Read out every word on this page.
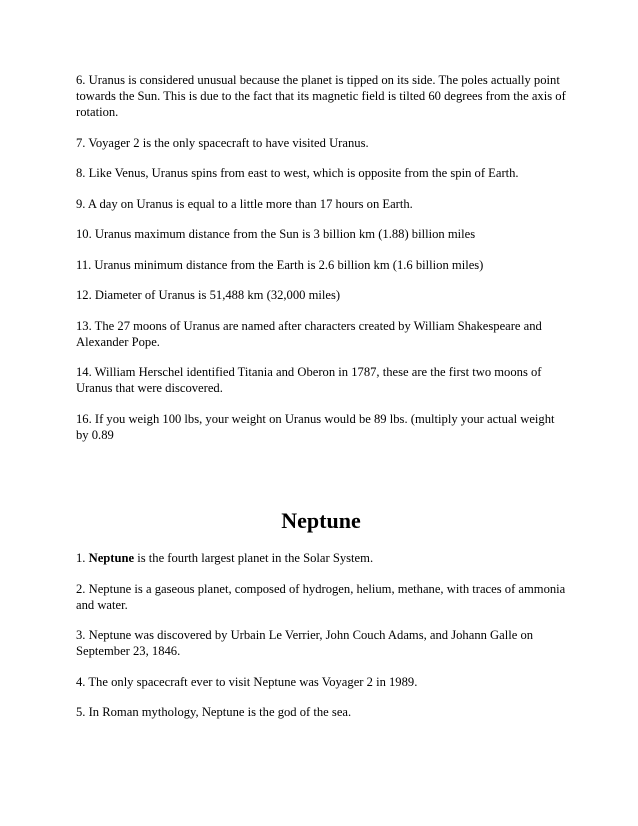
6. Uranus is considered unusual because the planet is tipped on its side. The poles actually point towards the Sun. This is due to the fact that its magnetic field is tilted 60 degrees from the axis of rotation.

7. Voyager 2 is the only spacecraft to have visited Uranus.

8. Like Venus, Uranus spins from east to west, which is opposite from the spin of Earth.

9. A day on Uranus is equal to a little more than 17 hours on Earth.

10. Uranus maximum distance from the Sun is 3 billion km (1.88) billion miles

11. Uranus minimum distance from the Earth is 2.6 billion km (1.6 billion miles)

12. Diameter of Uranus is 51,488 km (32,000 miles)

13. The 27 moons of Uranus are named after characters created by William Shakespeare and Alexander Pope.

14. William Herschel identified Titania and Oberon in 1787, these are the first two moons of Uranus that were discovered.

16. If you weigh 100 lbs, your weight on Uranus would be 89 lbs. (multiply your actual weight by 0.89

Neptune

1. Neptune is the fourth largest planet in the Solar System.

2. Neptune is a gaseous planet, composed of hydrogen, helium, methane, with traces of ammonia and water.

3. Neptune was discovered by Urbain Le Verrier, John Couch Adams, and Johann Galle on September 23, 1846.

4. The only spacecraft ever to visit Neptune was Voyager 2 in 1989.

5. In Roman mythology, Neptune is the god of the sea.
